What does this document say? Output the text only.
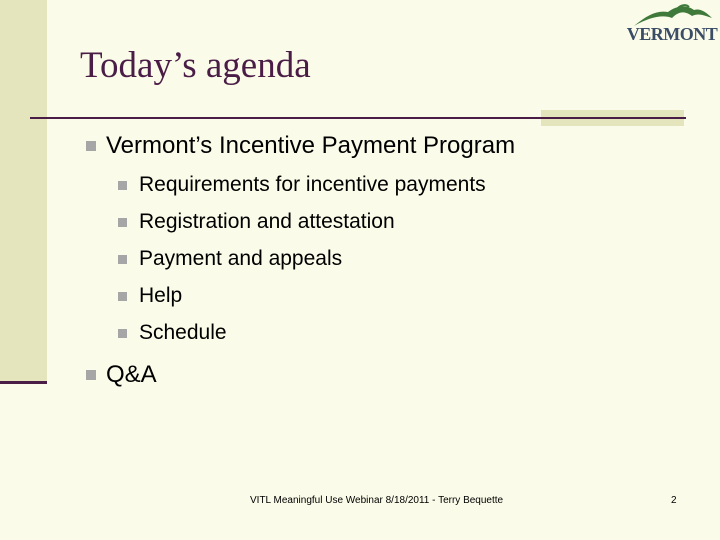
Today’s agenda
VERMONT
Vermont’s Incentive Payment Program
Requirements for incentive payments
Registration and attestation
Payment and appeals
Help
Schedule
Q&A
VITL Meaningful Use Webinar 8/18/2011 - Terry Bequette	2
